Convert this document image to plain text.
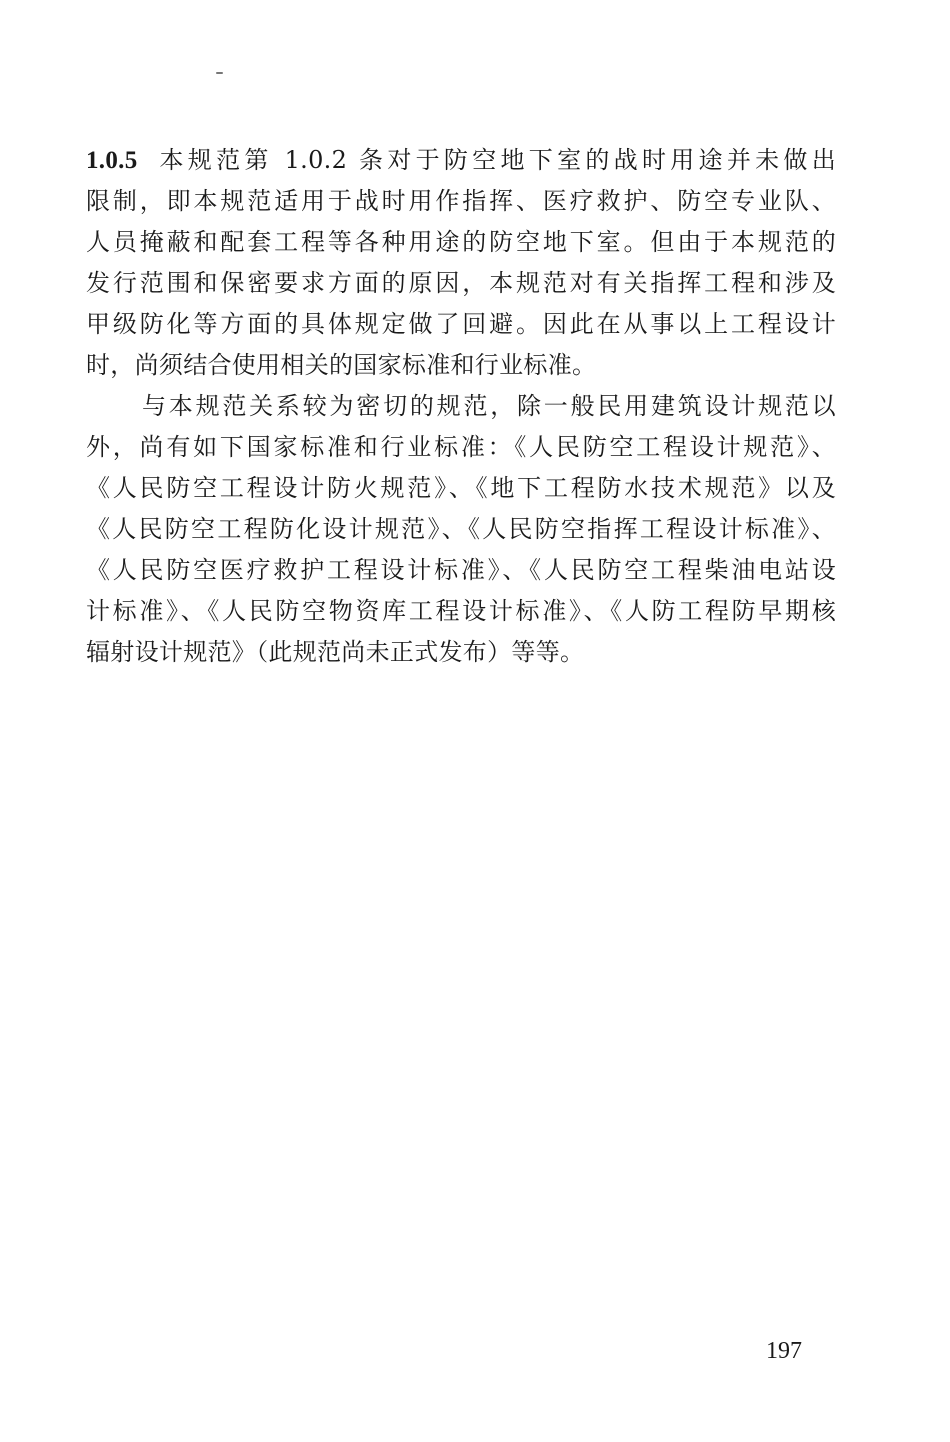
1.0.5 本规范第 1.0.2 条对于防空地下室的战时用途并未做出
限制，即本规范适用于战时用作指挥、医疗救护、防空专业队、
人员掩蔽和配套工程等各种用途的防空地下室。但由于本规范的
发行范围和保密要求方面的原因，本规范对有关指挥工程和涉及
甲级防化等方面的具体规定做了回避。因此在从事以上工程设计
时，尚须结合使用相关的国家标准和行业标准。
与本规范关系较为密切的规范，除一般民用建筑设计规范以
外，尚有如下国家标准和行业标准：《人民防空工程设计规范》、
《人民防空工程设计防火规范》、《地下工程防水技术规范》以及
《人民防空工程防化设计规范》、《人民防空指挥工程设计标准》、
《人民防空医疗救护工程设计标准》、《人民防空工程柴油电站设
计标准》、《人民防空物资库工程设计标准》、《人防工程防早期核
辐射设计规范》（此规范尚未正式发布）等等。
197
